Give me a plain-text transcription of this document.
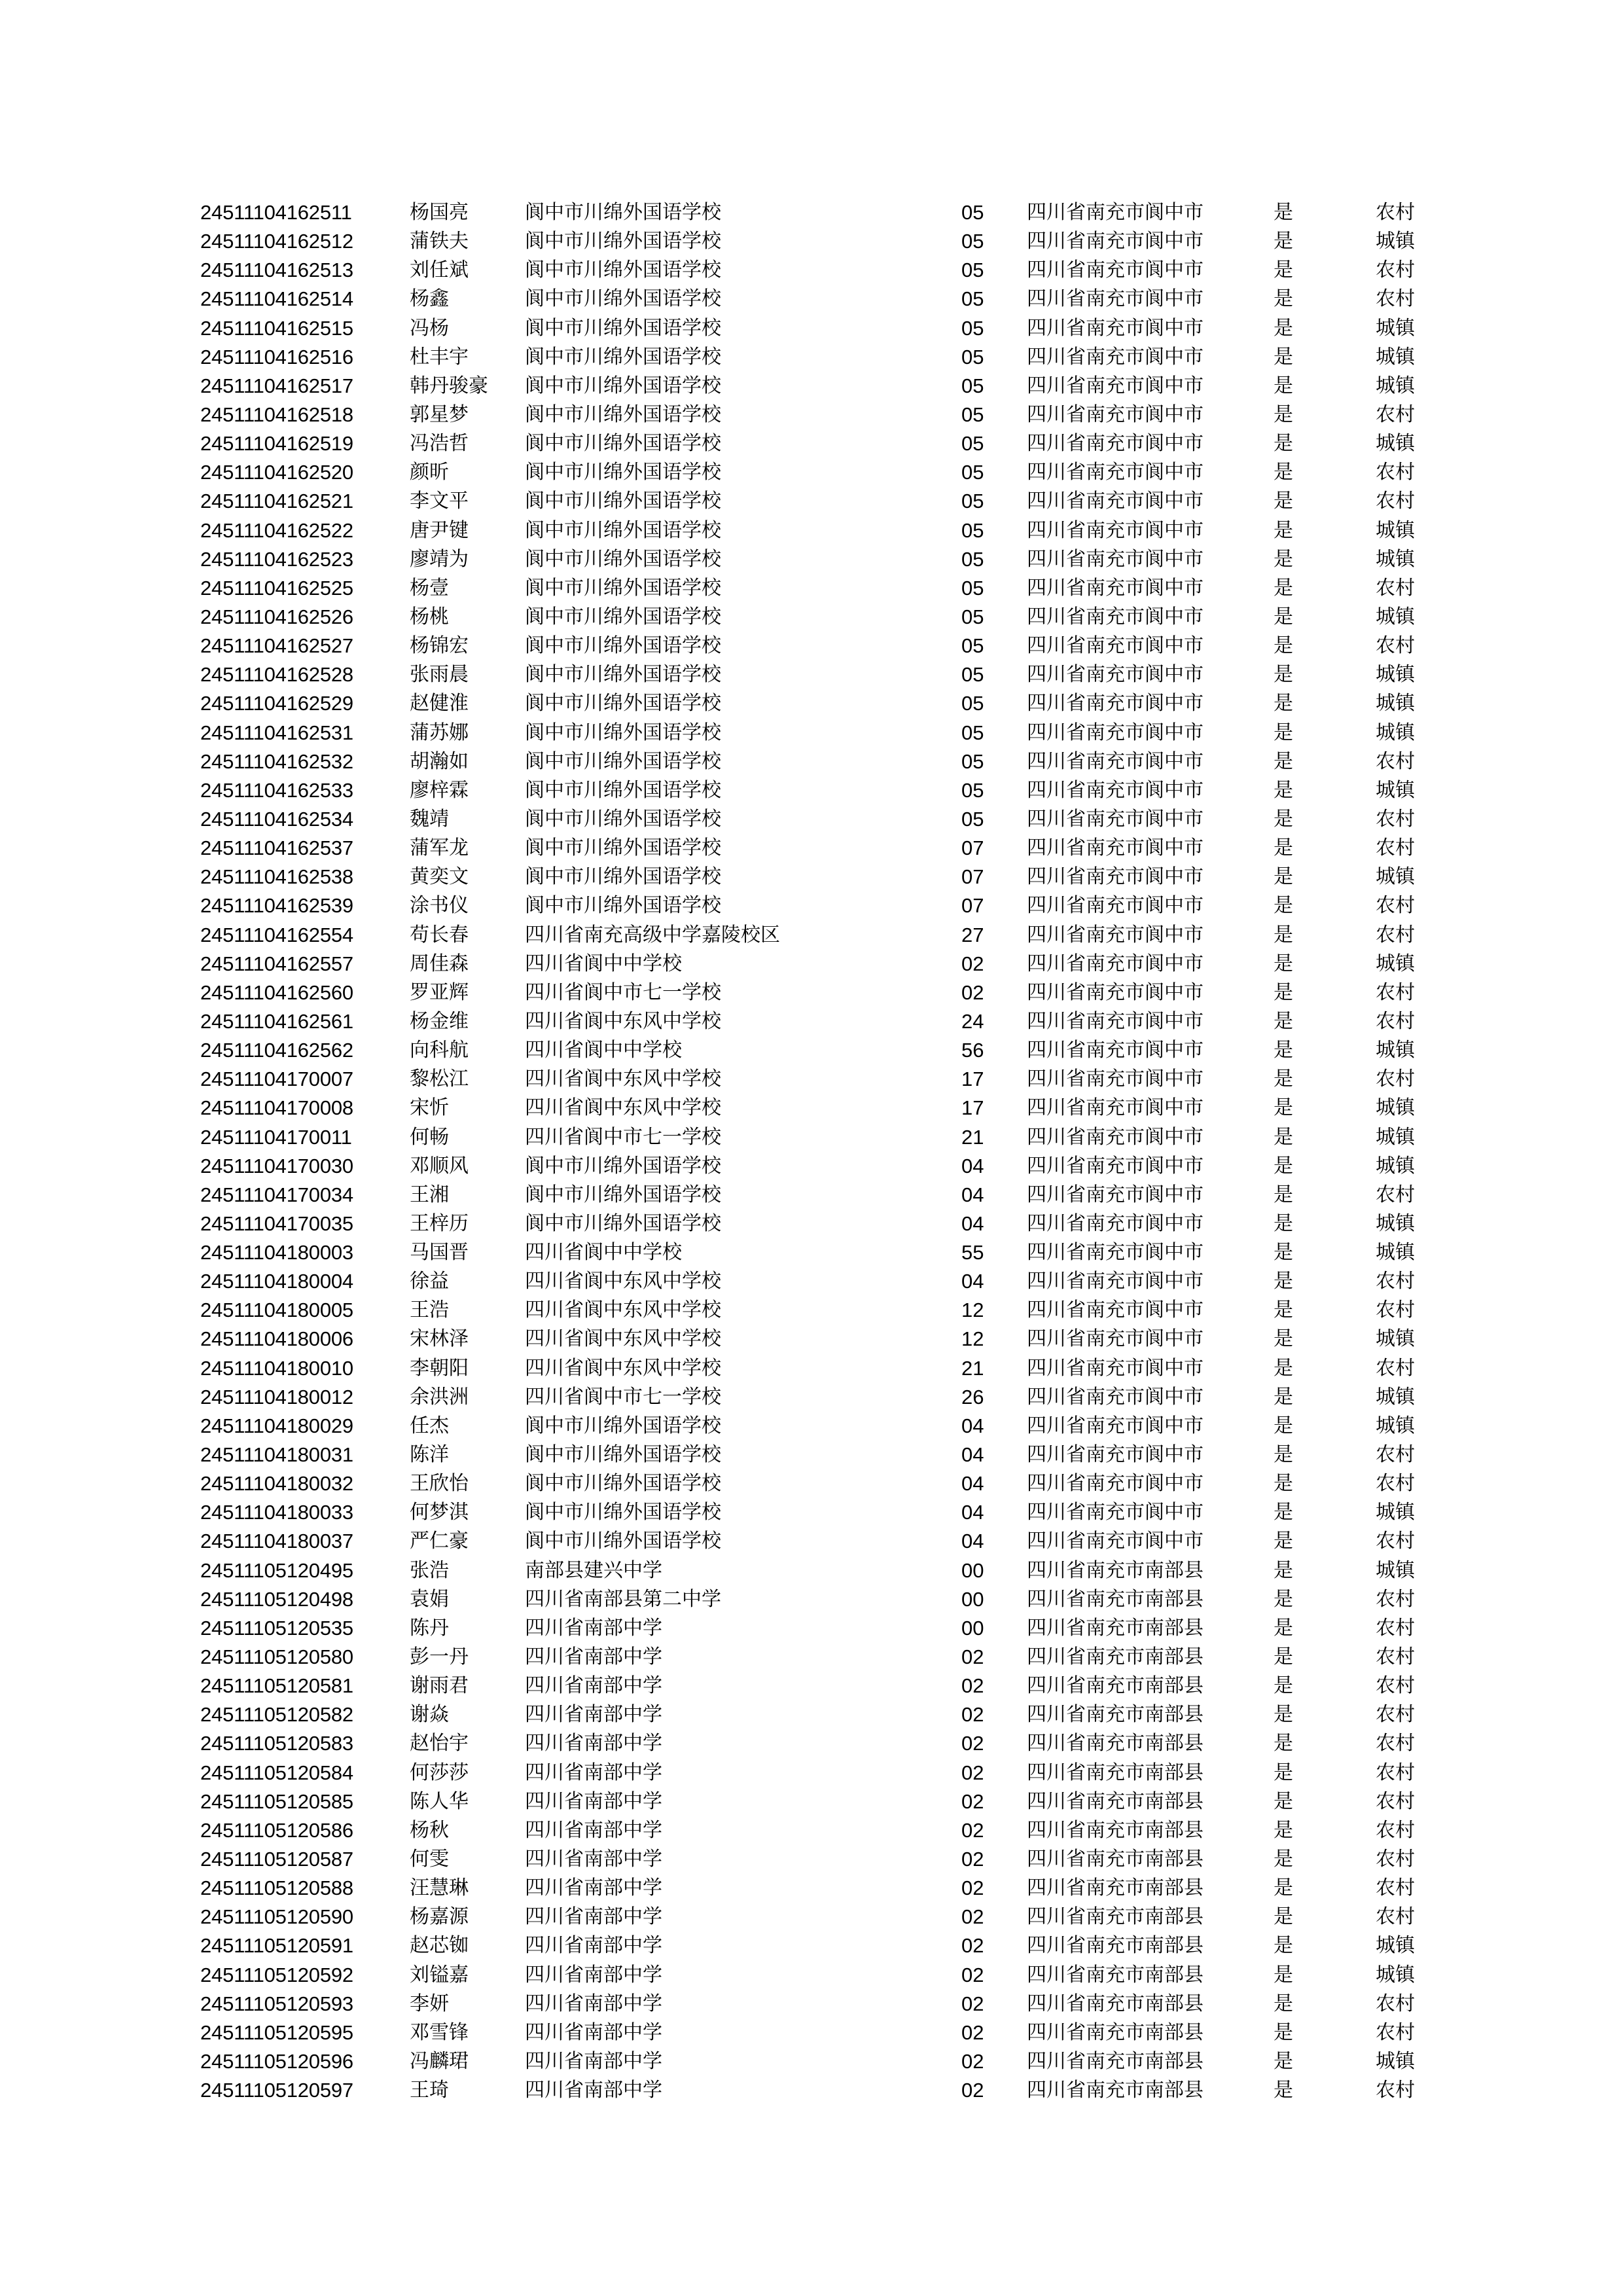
24511104162511	杨国亮	阆中市川绵外国语学校	05 四川省南充市阆中市	是	农村
24511104162512	蒲铁夫	阆中市川绵外国语学校	05 四川省南充市阆中市	是	城镇
24511104162513	刘任斌	阆中市川绵外国语学校	05 四川省南充市阆中市	是	农村
24511104162514	杨鑫	阆中市川绵外国语学校	05 四川省南充市阆中市	是	农村
24511104162515	冯杨	阆中市川绵外国语学校	05 四川省南充市阆中市	是	城镇
24511104162516	杜丰宇	阆中市川绵外国语学校	05 四川省南充市阆中市	是	城镇
24511104162517	韩丹骏豪 阆中市川绵外国语学校	05 四川省南充市阆中市	是	城镇
24511104162518	郭星梦	阆中市川绵外国语学校	05 四川省南充市阆中市	是	农村
24511104162519	冯浩哲	阆中市川绵外国语学校	05 四川省南充市阆中市	是	城镇
24511104162520	颜昕	阆中市川绵外国语学校	05 四川省南充市阆中市	是	农村
24511104162521	李文平	阆中市川绵外国语学校	05 四川省南充市阆中市	是	农村
24511104162522	唐尹键	阆中市川绵外国语学校	05 四川省南充市阆中市	是	城镇
24511104162523	廖靖为	阆中市川绵外国语学校	05 四川省南充市阆中市	是	城镇
24511104162525	杨壹	阆中市川绵外国语学校	05 四川省南充市阆中市	是	农村
24511104162526	杨桃	阆中市川绵外国语学校	05 四川省南充市阆中市	是	城镇
24511104162527	杨锦宏	阆中市川绵外国语学校	05 四川省南充市阆中市	是	农村
24511104162528	张雨晨	阆中市川绵外国语学校	05 四川省南充市阆中市	是	城镇
24511104162529	赵健淮	阆中市川绵外国语学校	05 四川省南充市阆中市	是	城镇
24511104162531	蒲苏娜	阆中市川绵外国语学校	05 四川省南充市阆中市	是	城镇
24511104162532	胡瀚如	阆中市川绵外国语学校	05 四川省南充市阆中市	是	农村
24511104162533	廖梓霖	阆中市川绵外国语学校	05 四川省南充市阆中市	是	城镇
24511104162534	魏靖	阆中市川绵外国语学校	05 四川省南充市阆中市	是	农村
24511104162537	蒲军龙	阆中市川绵外国语学校	07 四川省南充市阆中市	是	农村
24511104162538	黄奕文	阆中市川绵外国语学校	07 四川省南充市阆中市	是	城镇
24511104162539	涂书仪	阆中市川绵外国语学校	07 四川省南充市阆中市	是	农村
24511104162554	苟长春	四川省南充高级中学嘉陵校区	27 四川省南充市阆中市	是	农村
24511104162557	周佳森	四川省阆中中学校	02 四川省南充市阆中市	是	城镇
24511104162560	罗亚辉	四川省阆中市七一学校	02 四川省南充市阆中市	是	农村
24511104162561	杨金维	四川省阆中东风中学校	24 四川省南充市阆中市	是	农村
24511104162562	向科航	四川省阆中中学校	56 四川省南充市阆中市	是	城镇
24511104170007	黎松江	四川省阆中东风中学校	17 四川省南充市阆中市	是	农村
24511104170008	宋忻	四川省阆中东风中学校	17 四川省南充市阆中市	是	城镇
24511104170011	何畅	四川省阆中市七一学校	21 四川省南充市阆中市	是	城镇
24511104170030	邓顺风	阆中市川绵外国语学校	04 四川省南充市阆中市	是	城镇
24511104170034	王湘	阆中市川绵外国语学校	04 四川省南充市阆中市	是	农村
24511104170035	王梓历	阆中市川绵外国语学校	04 四川省南充市阆中市	是	城镇
24511104180003	马国晋	四川省阆中中学校	55 四川省南充市阆中市	是	城镇
24511104180004	徐益	四川省阆中东风中学校	04 四川省南充市阆中市	是	农村
24511104180005	王浩	四川省阆中东风中学校	12 四川省南充市阆中市	是	农村
24511104180006	宋林泽	四川省阆中东风中学校	12 四川省南充市阆中市	是	城镇
24511104180010	李朝阳	四川省阆中东风中学校	21 四川省南充市阆中市	是	农村
24511104180012	余洪洲	四川省阆中市七一学校	26 四川省南充市阆中市	是	城镇
24511104180029	任杰	阆中市川绵外国语学校	04 四川省南充市阆中市	是	城镇
24511104180031	陈洋	阆中市川绵外国语学校	04 四川省南充市阆中市	是	农村
24511104180032	王欣怡	阆中市川绵外国语学校	04 四川省南充市阆中市	是	农村
24511104180033	何梦淇	阆中市川绵外国语学校	04 四川省南充市阆中市	是	城镇
24511104180037	严仁豪	阆中市川绵外国语学校	04 四川省南充市阆中市	是	农村
24511105120495	张浩	南部县建兴中学	00 四川省南充市南部县	是	城镇
24511105120498	袁娟	四川省南部县第二中学	00 四川省南充市南部县	是	农村
24511105120535	陈丹	四川省南部中学	00 四川省南充市南部县	是	农村
24511105120580	彭一丹	四川省南部中学	02 四川省南充市南部县	是	农村
24511105120581	谢雨君	四川省南部中学	02 四川省南充市南部县	是	农村
24511105120582	谢焱	四川省南部中学	02 四川省南充市南部县	是	农村
24511105120583	赵怡宇	四川省南部中学	02 四川省南充市南部县	是	农村
24511105120584	何莎莎	四川省南部中学	02 四川省南充市南部县	是	农村
24511105120585	陈人华	四川省南部中学	02 四川省南充市南部县	是	农村
24511105120586	杨秋	四川省南部中学	02 四川省南充市南部县	是	农村
24511105120587	何雯	四川省南部中学	02 四川省南充市南部县	是	农村
24511105120588	汪慧琳	四川省南部中学	02 四川省南充市南部县	是	农村
24511105120590	杨嘉源	四川省南部中学	02 四川省南充市南部县	是	农村
24511105120591	赵芯铷	四川省南部中学	02 四川省南充市南部县	是	城镇
24511105120592	刘镒嘉	四川省南部中学	02 四川省南充市南部县	是	城镇
24511105120593	李妍	四川省南部中学	02 四川省南充市南部县	是	农村
24511105120595	邓雪锋	四川省南部中学	02 四川省南充市南部县	是	农村
24511105120596	冯麟珺	四川省南部中学	02 四川省南充市南部县	是	城镇
24511105120597	王琦	四川省南部中学	02 四川省南充市南部县	是	农村
